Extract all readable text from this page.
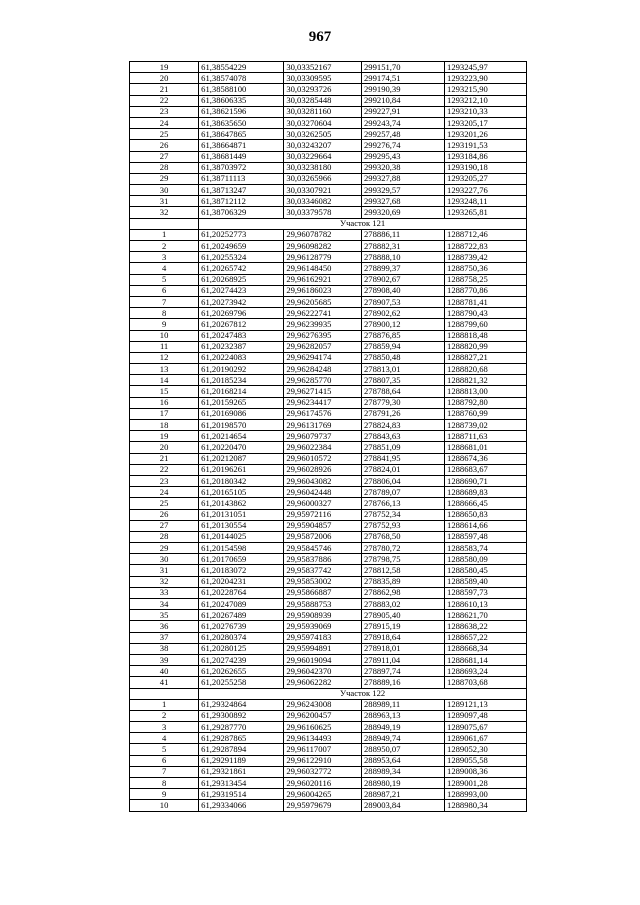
967
19	61,38554229	30,03352167	299151,70	1293245,97
20	61,38574078	30,03309595	299174,51	1293223,90
21	61,38588100	30,03293726	299190,39	1293215,90
22	61,38606335	30,03285448	299210,84	1293212,10
23	61,38621596	30,03281160	299227,91	1293210,33
24	61,38635650	30,03270604	299243,74	1293205,17
25	61,38647865	30,03262505	299257,48	1293201,26
26	61,38664871	30,03243207	299276,74	1293191,53
27	61,38681449	30,03229664	299295,43	1293184,86
28	61,38703972	30,03238180	299320,38	1293190,18
29	61,38711113	30,03265966	299327,88	1293205,27
30	61,38713247	30,03307921	299329,57	1293227,76
31	61,38712112	30,03346082	299327,68	1293248,11
32	61,38706329	30,03379578	299320,69	1293265,81
	Участок 121			
1	61,20252773	29,96078782	278886,11	1288712,46
2	61,20249659	29,96098282	278882,31	1288722,83
3	61,20255324	29,96128779	278888,10	1288739,42
4	61,20265742	29,96148450	278899,37	1288750,36
5	61,20268925	29,96162921	278902,67	1288758,25
6	61,20274423	29,96186023	278908,40	1288770,86
7	61,20273942	29,96205685	278907,53	1288781,41
8	61,20269796	29,96222741	278902,62	1288790,43
9	61,20267812	29,96239935	278900,12	1288799,60
10	61,20247483	29,96276395	278876,85	1288818,48
11	61,20232387	29,96282057	278859,94	1288820,99
12	61,20224083	29,96294174	278850,48	1288827,21
13	61,20190292	29,96284248	278813,01	1288820,68
14	61,20185234	29,96285770	278807,35	1288821,32
15	61,20168214	29,96271415	278788,64	1288813,00
16	61,20159265	29,96234417	278779,30	1288792,80
17	61,20169086	29,96174576	278791,26	1288760,99
18	61,20198570	29,96131769	278824,83	1288739,02
19	61,20214654	29,96079737	278843,63	1288711,63
20	61,20220470	29,96022384	278851,09	1288681,01
21	61,20212087	29,96010572	278841,95	1288674,36
22	61,20196261	29,96028926	278824,01	1288683,67
23	61,20180342	29,96043082	278806,04	1288690,71
24	61,20165105	29,96042448	278789,07	1288689,83
25	61,20143862	29,96000327	278766,13	1288666,45
26	61,20131051	29,95972116	278752,34	1288650,83
27	61,20130554	29,95904857	278752,93	1288614,66
28	61,20144025	29,95872006	278768,50	1288597,48
29	61,20154598	29,95845746	278780,72	1288583,74
30	61,20170659	29,95837886	278798,75	1288580,09
31	61,20183072	29,95837742	278812,58	1288580,45
32	61,20204231	29,95853002	278835,89	1288589,40
33	61,20228764	29,95866887	278862,98	1288597,73
34	61,20247089	29,95888753	278883,02	1288610,13
35	61,20267489	29,95908939	278905,40	1288621,70
36	61,20276739	29,95939069	278915,19	1288638,22
37	61,20280374	29,95974183	278918,64	1288657,22
38	61,20280125	29,95994891	278918,01	1288668,34
39	61,20274239	29,96019094	278911,04	1288681,14
40	61,20262655	29,96042370	278897,74	1288693,24
41	61,20255258	29,96062282	278889,16	1288703,68
	Участок 122			
1	61,29324864	29,96243008	288989,11	1289121,13
2	61,29300892	29,96200457	288963,13	1289097,48
3	61,29287770	29,96160625	288949,19	1289075,67
4	61,29287865	29,96134493	288949,74	1289061,67
5	61,29287894	29,96117007	288950,07	1289052,30
6	61,29291189	29,96122910	288953,64	1289055,58
7	61,29321861	29,96032772	288989,34	1289008,36
8	61,29313454	29,96020116	288980,19	1289001,28
9	61,29319514	29,96004265	288987,21	1288993,00
10	61,29334066	29,95979679	289003,84	1288980,34
